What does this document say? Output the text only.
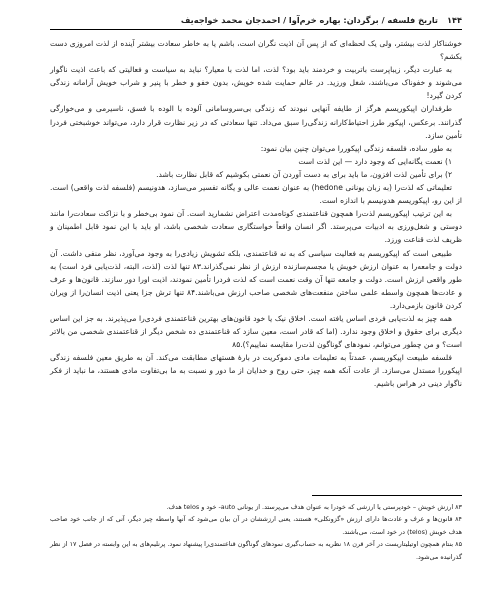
۱۴۴
تاریخ فلسفه / برگردان: بهاره خرم‌آوا / احمدجان محمد خواجه‌یف

خوشناکار لذت بیشتر، ولی یک لحظه‌ای که از پس آن اذیت نگران است، باشم یا به خاطر سعادت بیشتر آینده از لذت امروزی دست بکشم؟

به عبارت دیگر، زیباپرست باتربیت و خردمند باید بود؟ لذت، اما لذت با معیار؟ نباید به سیاست و فعالیتی که باعث اذیت ناگوار می‌شوند و خفوناک می‌باشند، شغل ورزید. در عالم حمایت شده خویش، بدون خفو و خطر با پنیر و شراب خویش آرامانه زندگی کردن گیرد!

طرفداران اپیکوریسم هرگز از طایفه آنهایی نبودند که زندگی بی‌سروسامانی آلوده با الوده با فسق، ناسیرمی و می‌خوارگی گذرانند. برعکس، اپیکور طرز احتیاط‌کارانه زندگی‌را سبق می‌داد. تنها سعادتی که در زیر نظارت قرار دارد، می‌تواند خوشبختی فرد‌را تأمین سازد.

به طور ساده، فلسفه زندگی اپیکوررا می‌توان چنین بیان نمود:

۱) نعمت یگانه‌ایی که وجود دارد — این لذت است

۲) برای تأمین لذت افزون، ما باید برای به دست آوردن آن نعمتی بکوشیم که قابل نظارت باشد.

تعلیماتی که لذت‌را (به زبان یونانی hedone) به عنوان نعمت عالی و یگانه تفسیر می‌سازد، هدونیسم (فلسفه لذت واقعی) است. از این رو، اپیکوریسم هدونیسم با اندازه است.

به این ترتیب اپیکوریسم لذت‌را همچون قناعتمندی کوتاه‌مدت اعتراض نشمارید است. آن نمود بی‌خطر و با نزاکت سعادت‌را مانند دوستی و شغل‌ورزی به ادبیات می‌پرستد. اگر انسان واقعاً خواستگاری سعادت شخصی باشد، او باید با این نمود قابل اطمینان و ظریف لذت قناعت ورزد.

طبیعی است که اپیکوریسم به فعالیت سیاسی که به نه قناعتمندی، بلکه تشویش زیادی‌را به وجود می‌آورد، نظر منفی داشت. آن دولت و جامعه‌را به عنوان ارزش خویش یا مجسم‌سازنده ارزش از نظر نمی‌گذراند.۸۳ تنها لذت (لذت، البته، لذت‌یابی فرد است) به طور واقعی ارزش است. دولت و جامعه تنها آن وقت نعمت است که لذت فرد‌را تأمین نمودند، اذیت او‌را دور سازند. قانون‌ها و عرف و عادت‌ها همچون واسطه علمی ساختن منفعت‌های شخصی صاحب ارزش می‌باشند.۸۴ تنها ترش جزا یعنی اذیت انسان‌را از ویران کردن قانون بازمی‌دارد.

همه چیز به لذت‌یابی فردی اساس یافته است. اخلاق نیک یا خود قانون‌های بهترین قناعتمندی فردی‌را می‌پذیرند. به جز این اساس دیگری برای حقوق و اخلاق وجود ندارد. (اما که قادر است، معین سازد که قناعتمندی ده شخص دیگر از قناعتمندی شخصی من بالاتر است؟ و من چطور می‌توانم، نمودهای گوناگون لذت‌را مقایسه نماییم؟).۸۵

فلسفه طبیعت اپیکوریسم، عمدتاً به تعلیمات مادی دموکریت در بارهٔ هستهای مطابقت می‌کند. آن به طریق معین فلسفه زندگی اپیکور‌را مستدل می‌سازد. از عادت آنکه همه چیز، حتی روح و خدایان از ما دور و نسبت به ما بی‌تفاوت مادی هستند، ما نباید از فکر ناگوار دینی در هراس باشیم.

۸۳ ارزش خویش – خودپرستی یا ارزشی که خود‌را به عنوان هدف می‌پرستد. از یونانی auto- خود و telos هدف.

۸۴ قانون‌ها و عرف و عادت‌ها دارای ارزش «گزونکلی» هستند، یعنی ارزششان در آن بیان می‌شود که آنها واسطه چیز دیگر، آنی که از جانب خود صاحب هدف خویش (telos) در خود است، می‌باشند.

۸۵ بنتام همچون اوتیلیتاریست در آخر قرن ۱۸ نظریه به حساب‌گیری نمودهای گوناگون قناعتمندی‌را پیشنهاد نمود. پرنلیم‌های به این وابسته در فصل ۱۷ از نظر گذرانیده می‌شود.
